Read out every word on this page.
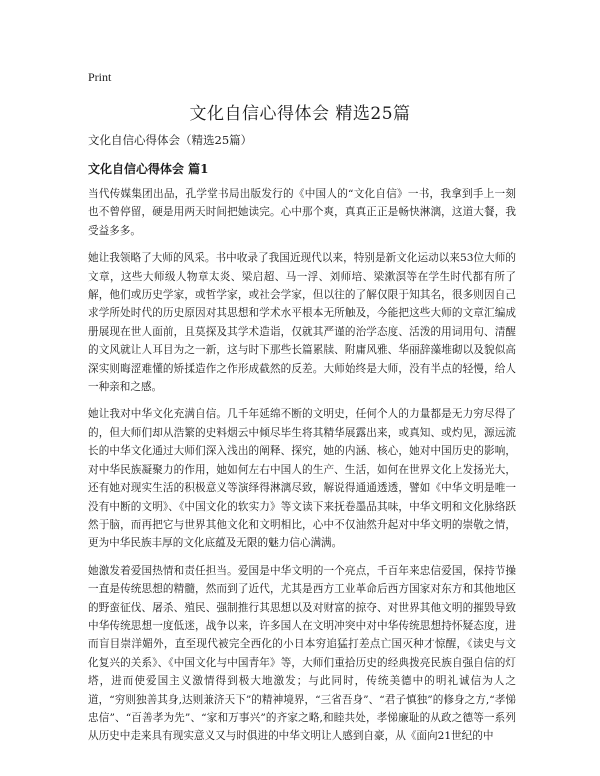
Print
文化自信心得体会 精选25篇

文化自信心得体会（精选25篇）

文化自信心得体会 篇1

当代传媒集团出品，孔学堂书局出版发行的《中国人的“文化自信》一书，我拿到手上一刻也不曾停留，硬是用两天时间把她读完。心中那个爽，真真正正是畅快淋漓，这道大餐，我受益多多。

她让我领略了大师的风采。书中收录了我国近现代以来，特别是新文化运动以来53位大师的文章，这些大师级人物章太炎、梁启超、马一浮、刘师培、梁漱溟等在学生时代都有所了解，他们或历史学家，或哲学家，或社会学家，但以往的了解仅限于知其名，很多则因自己求学所处时代的历史原因对其思想和学术水平根本无所触及，今能把这些大师的文章汇编成册展现在世人面前，且莫探及其学术造诣，仅就其严谨的治学态度、活泼的用词用句、清醒的文风就让人耳目为之一新，这与时下那些长篇累牍、附庸风雅、华丽辞藻堆砌以及貌似高深实则晦涩难懂的矫揉造作之作形成截然的反差。大师始终是大师，没有半点的轻慢，给人一种亲和之感。

她让我对中华文化充满自信。几千年延绵不断的文明史，任何个人的力量都是无力穷尽得了的，但大师们却从浩繁的史料烟云中倾尽毕生将其精华展露出来，或真知、或灼见，源远流长的中华文化通过大师们深入浅出的阐释、探究，她的内涵、核心，她对中国历史的影响，对中华民族凝聚力的作用，她如何左右中国人的生产、生活，如何在世界文化上发扬光大，还有她对现实生活的积极意义等演绎得淋漓尽致，解说得通通透透，譬如《中华文明是唯一没有中断的文明》、《中国文化的软实力》等文读下来抚卷墨品其味，中华文明和文化脉络跃然于脑，而再把它与世界其他文化和文明相比，心中不仅油然升起对中华文明的崇敬之情，更为中华民族丰厚的文化底蕴及无限的魅力信心满满。

她激发着爱国热情和责任担当。爱国是中华文明的一个亮点，千百年来忠信爱国，保持节操一直是传统思想的精髓，然而到了近代，尤其是西方工业革命后西方国家对东方和其他地区的野蛮征伐、屠杀、殖民、强制推行其思想以及对财富的掠夺、对世界其他文明的摧毁导致中华传统思想一度低迷，战争以来，许多国人在文明冲突中对中华传统思想持怀疑态度，进而盲目崇洋媚外，直至现代被完全西化的小日本穷追猛打差点亡国灭种才惊醒，《读史与文化复兴的关系》、《中国文化与中国青年》等，大师们重拾历史的经典拨亮民族自强自信的灯塔，进而使爱国主义激情得到极大地激发；与此同时，传统美德中的明礼诚信为人之道，“穷则独善其身,达则兼济天下”的精神境界，“三省吾身”、“君子慎独”的修身之方,“孝悌忠信”、“百善孝为先”、“家和万事兴”的齐家之略,和睦共处，孝悌廉耻的从政之德等一系列从历史中走来具有现实意义又与时俱进的中华文明让人感到自豪，从《面向21世纪的中
